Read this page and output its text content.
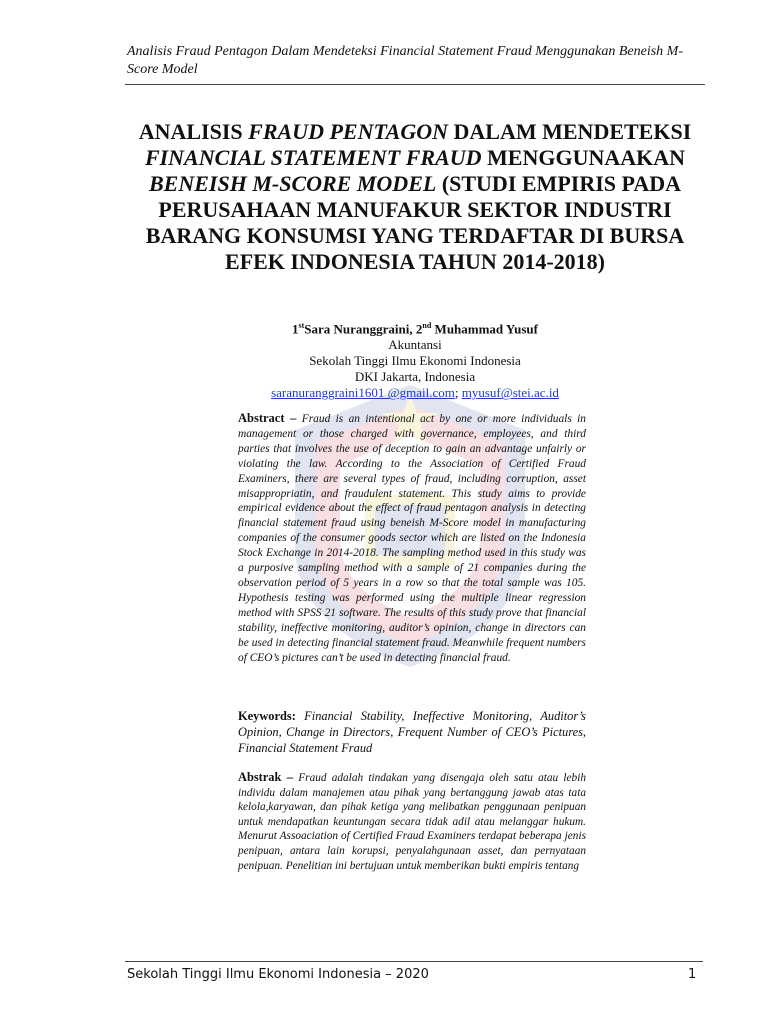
Analisis Fraud Pentagon Dalam Mendeteksi Financial Statement Fraud Menggunakan Beneish M-Score Model
ANALISIS FRAUD PENTAGON DALAM MENDETEKSI FINANCIAL STATEMENT FRAUD MENGGUNAAKAN BENEISH M-SCORE MODEL (STUDI EMPIRIS PADA PERUSAHAAN MANUFAKUR SEKTOR INDUSTRI BARANG KONSUMSI YANG TERDAFTAR DI BURSA EFEK INDONESIA TAHUN 2014-2018)
1stSara Nuranggraini, 2nd Muhammad Yusuf
Akuntansi
Sekolah Tinggi Ilmu Ekonomi Indonesia
DKI Jakarta, Indonesia
saranuranggraini1601 @gmail.com; myusuf@stei.ac.id
Abstract – Fraud is an intentional act by one or more individuals in management or those charged with governance, employees, and third parties that involves the use of deception to gain an advantage unfairly or violating the law. According to the Association of Certified Fraud Examiners, there are several types of fraud, including corruption, asset misappropriatin, and fraudulent statement. This study aims to provide empirical evidence about the effect of fraud pentagon analysis in detecting financial statement fraud using beneish M-Score model in manufacturing companies of the consumer goods sector which are listed on the Indonesia Stock Exchange in 2014-2018. The sampling method used in this study was a purposive sampling method with a sample of 21 companies during the observation period of 5 years in a row so that the total sample was 105. Hypothesis testing was performed using the multiple linear regression method with SPSS 21 software. The results of this study prove that financial stability, ineffective monitoring, auditor’s opinion, change in directors can be used in detecting financial statement fraud. Meanwhile frequent numbers of CEO’s pictures can’t be used in detecting financial fraud.
Keywords: Financial Stability, Ineffective Monitoring, Auditor’s Opinion, Change in Directors, Frequent Number of CEO’s Pictures, Financial Statement Fraud
Abstrak – Fraud adalah tindakan yang disengaja oleh satu atau lebih individu dalam manajemen atau pihak yang bertanggung jawab atas tata kelola,karyawan, dan pihak ketiga yang melibatkan penggunaan penipuan untuk mendapatkan keuntungan secara tidak adil atau melanggar hukum. Menurut Assoaciation of Certified Fraud Examiners terdapat beberapa jenis penipuan, antara lain korupsi, penyalahgunaan asset, dan pernyataan penipuan. Penelitian ini bertujuan untuk memberikan bukti empiris tentang
Sekolah Tinggi Ilmu Ekonomi Indonesia – 2020	1
